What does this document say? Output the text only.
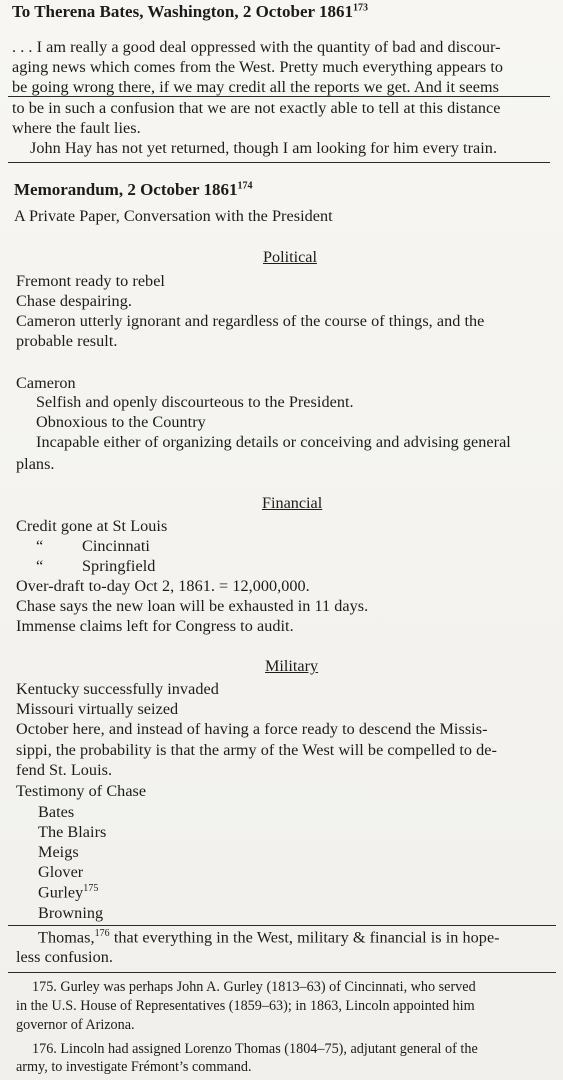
To Therena Bates, Washington, 2 October 1861$^{173}$
. . . I am really a good deal oppressed with the quantity of bad and discour-
aging news which comes from the West. Pretty much everything appears to
be going wrong there, if we may credit all the reports we get. And it seems
to be in such a confusion that we are not exactly able to tell at this distance
where the fault lies.
John Hay has not yet returned, though I am looking for him every train.
Memorandum, 2 October 1861$^{174}$
A Private Paper, Conversation with the President
Political
Fremont ready to rebel
Chase despairing.
Cameron utterly ignorant and regardless of the course of things, and the
probable result.
Cameron
Selfish and openly discourteous to the President.
Obnoxious to the Country
Incapable either of organizing details or conceiving and advising general
plans.
Financial
Credit gone at St Louis
“ Cincinnati
“ Springfield
Over-draft to-day Oct 2, 1861. = 12,000,000.
Chase says the new loan will be exhausted in 11 days.
Immense claims left for Congress to audit.
Military
Kentucky successfully invaded
Missouri virtually seized
October here, and instead of having a force ready to descend the Missis-
sippi, the probability is that the army of the West will be compelled to de-
fend St. Louis.
Testimony of Chase
Bates
The Blairs
Meigs
Glover
Gurley$^{175}$
Browning
Thomas,$^{176}$ that everything in the West, military & financial is in hope-
less confusion.
175. Gurley was perhaps John A. Gurley (1813–63) of Cincinnati, who served
in the U.S. House of Representatives (1859–63); in 1863, Lincoln appointed him
governor of Arizona.
176. Lincoln had assigned Lorenzo Thomas (1804–75), adjutant general of the
army, to investigate Frémont’s command.
